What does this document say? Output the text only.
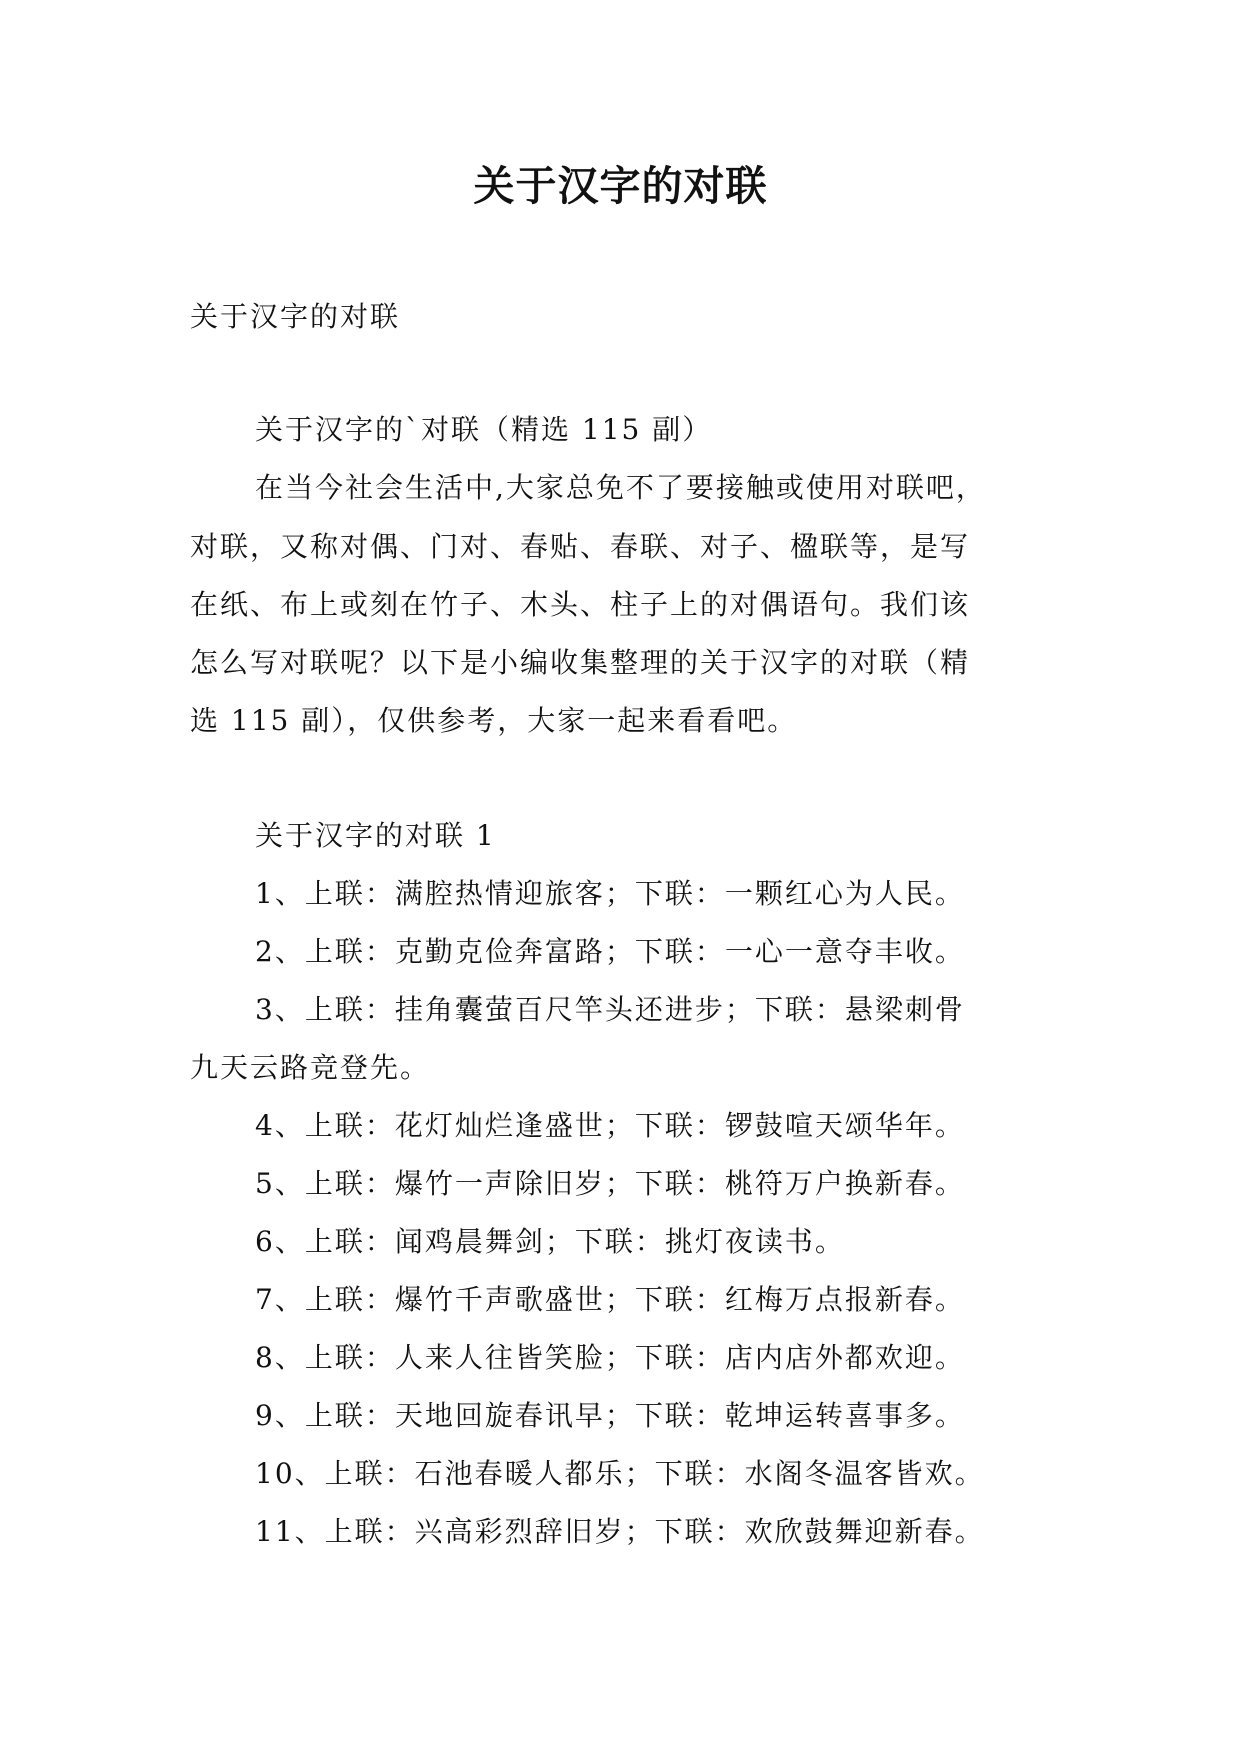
关于汉字的对联
关于汉字的对联
关于汉字的`对联（精选 115 副）
在当今社会生活中,大家总免不了要接触或使用对联吧，
对联，又称对偶、门对、春贴、春联、对子、楹联等，是写
在纸、布上或刻在竹子、木头、柱子上的对偶语句。我们该
怎么写对联呢？以下是小编收集整理的关于汉字的对联（精
选 115 副），仅供参考，大家一起来看看吧。
关于汉字的对联 1
1、上联：满腔热情迎旅客；下联：一颗红心为人民。
2、上联：克勤克俭奔富路；下联：一心一意夺丰收。
3、上联：挂角囊萤百尺竿头还进步；下联：悬梁刺骨
九天云路竞登先。
4、上联：花灯灿烂逢盛世；下联：锣鼓喧天颂华年。
5、上联：爆竹一声除旧岁；下联：桃符万户换新春。
6、上联：闻鸡晨舞剑；下联：挑灯夜读书。
7、上联：爆竹千声歌盛世；下联：红梅万点报新春。
8、上联：人来人往皆笑脸；下联：店内店外都欢迎。
9、上联：天地回旋春讯早；下联：乾坤运转喜事多。
10、上联：石池春暖人都乐；下联：水阁冬温客皆欢。
11、上联：兴高彩烈辞旧岁；下联：欢欣鼓舞迎新春。
